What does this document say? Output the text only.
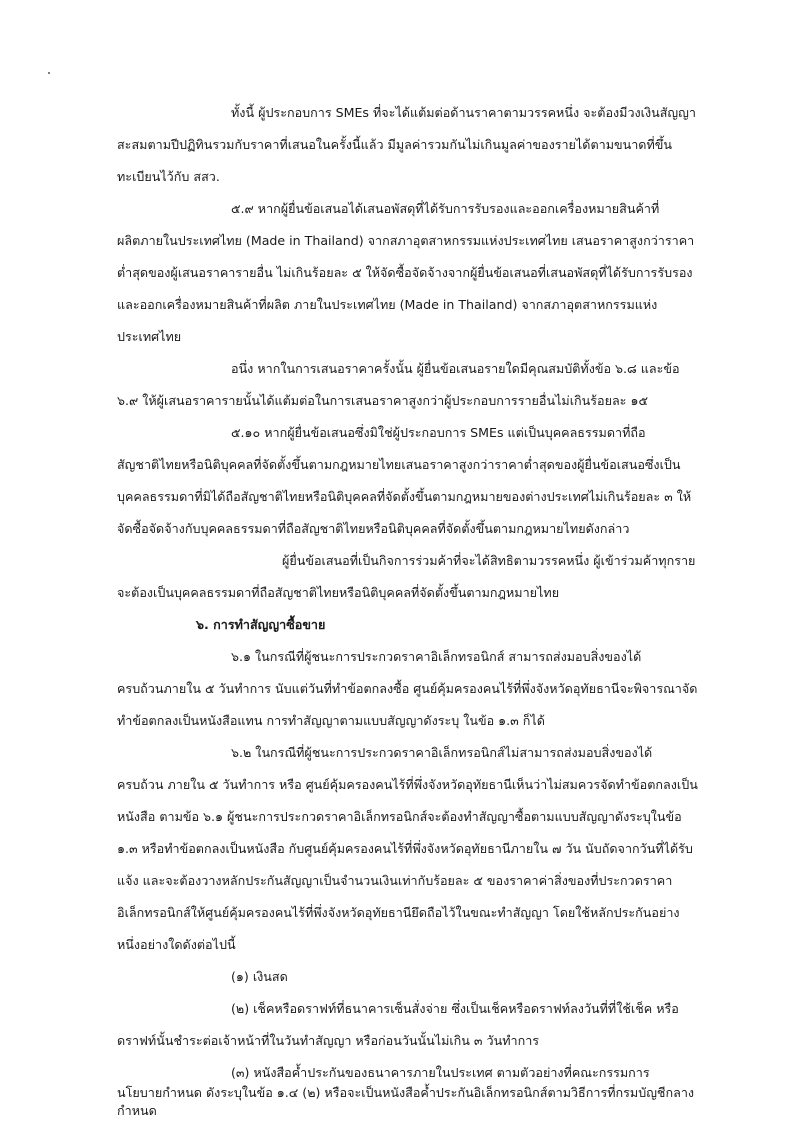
ทั้งนี้ ผู้ประกอบการ SMEs ที่จะได้แต้มต่อด้านราคาตามวรรคหนึ่ง จะต้องมีวงเงินสัญญา
สะสมตามปีปฏิทินรวมกับราคาที่เสนอในครั้งนี้แล้ว มีมูลค่ารวมกันไม่เกินมูลค่าของรายได้ตามขนาดที่ขึ้น
ทะเบียนไว้กับ สสว.
๕.๙ หากผู้ยื่นข้อเสนอได้เสนอพัสดุที่ได้รับการรับรองและออกเครื่องหมายสินค้าที่
ผลิตภายในประเทศไทย (Made in Thailand) จากสภาอุตสาหกรรมแห่งประเทศไทย เสนอราคาสูงกว่าราคา
ต่ำสุดของผู้เสนอราคารายอื่น ไม่เกินร้อยละ ๕ ให้จัดซื้อจัดจ้างจากผู้ยื่นข้อเสนอที่เสนอพัสดุที่ได้รับการรับรอง
และออกเครื่องหมายสินค้าที่ผลิต ภายในประเทศไทย (Made in Thailand) จากสภาอุตสาหกรรมแห่ง
ประเทศไทย
อนึ่ง หากในการเสนอราคาครั้งนั้น ผู้ยื่นข้อเสนอรายใดมีคุณสมบัติทั้งข้อ ๖.๘ และข้อ
๖.๙ ให้ผู้เสนอราคารายนั้นได้แต้มต่อในการเสนอราคาสูงกว่าผู้ประกอบการรายอื่นไม่เกินร้อยละ ๑๕
๕.๑๐ หากผู้ยื่นข้อเสนอซึ่งมิใช่ผู้ประกอบการ SMEs แต่เป็นบุคคลธรรมดาที่ถือ
สัญชาติไทยหรือนิติบุคคลที่จัดตั้งขึ้นตามกฎหมายไทยเสนอราคาสูงกว่าราคาต่ำสุดของผู้ยื่นข้อเสนอซึ่งเป็น
บุคคลธรรมดาที่มิได้ถือสัญชาติไทยหรือนิติบุคคลที่จัดตั้งขึ้นตามกฎหมายของต่างประเทศไม่เกินร้อยละ ๓ ให้
จัดซื้อจัดจ้างกับบุคคลธรรมดาที่ถือสัญชาติไทยหรือนิติบุคคลที่จัดตั้งขึ้นตามกฎหมายไทยดังกล่าว
ผู้ยื่นข้อเสนอที่เป็นกิจการร่วมค้าที่จะได้สิทธิตามวรรคหนึ่ง ผู้เข้าร่วมค้าทุกราย
จะต้องเป็นบุคคลธรรมดาที่ถือสัญชาติไทยหรือนิติบุคคลที่จัดตั้งขึ้นตามกฎหมายไทย
๖. การทำสัญญาซื้อขาย
๖.๑ ในกรณีที่ผู้ชนะการประกวดราคาอิเล็กทรอนิกส์ สามารถส่งมอบสิ่งของได้
ครบถ้วนภายใน ๕ วันทำการ นับแต่วันที่ทำข้อตกลงซื้อ ศูนย์คุ้มครองคนไร้ที่พึ่งจังหวัดอุทัยธานีจะพิจารณาจัด
ทำข้อตกลงเป็นหนังสือแทน การทำสัญญาตามแบบสัญญาดังระบุ ในข้อ ๑.๓ ก็ได้
๖.๒ ในกรณีที่ผู้ชนะการประกวดราคาอิเล็กทรอนิกส์ไม่สามารถส่งมอบสิ่งของได้
ครบถ้วน ภายใน ๕ วันทำการ หรือ ศูนย์คุ้มครองคนไร้ที่พึ่งจังหวัดอุทัยธานีเห็นว่าไม่สมควรจัดทำข้อตกลงเป็น
หนังสือ ตามข้อ ๖.๑ ผู้ชนะการประกวดราคาอิเล็กทรอนิกส์จะต้องทำสัญญาซื้อตามแบบสัญญาดังระบุในข้อ
๑.๓ หรือทำข้อตกลงเป็นหนังสือ กับศูนย์คุ้มครองคนไร้ที่พึ่งจังหวัดอุทัยธานีภายใน ๗ วัน นับถัดจากวันที่ได้รับ
แจ้ง และจะต้องวางหลักประกันสัญญาเป็นจำนวนเงินเท่ากับร้อยละ ๕ ของราคาค่าสิ่งของที่ประกวดราคา
อิเล็กทรอนิกส์ให้ศูนย์คุ้มครองคนไร้ที่พึ่งจังหวัดอุทัยธานียึดถือไว้ในขณะทำสัญญา โดยใช้หลักประกันอย่าง
หนึ่งอย่างใดดังต่อไปนี้
(๑) เงินสด
(๒) เช็คหรือดราฟท์ที่ธนาคารเซ็นสั่งจ่าย ซึ่งเป็นเช็คหรือดราฟท์ลงวันที่ที่ใช้เช็ค หรือ
ดราฟท์นั้นชำระต่อเจ้าหน้าที่ในวันทำสัญญา หรือก่อนวันนั้นไม่เกิน ๓ วันทำการ
(๓) หนังสือค้ำประกันของธนาคารภายในประเทศ ตามตัวอย่างที่คณะกรรมการ
นโยบายกำหนด ดังระบุในข้อ ๑.๔ (๒) หรือจะเป็นหนังสือค้ำประกันอิเล็กทรอนิกส์ตามวิธีการที่กรมบัญชีกลาง
กำหนด
